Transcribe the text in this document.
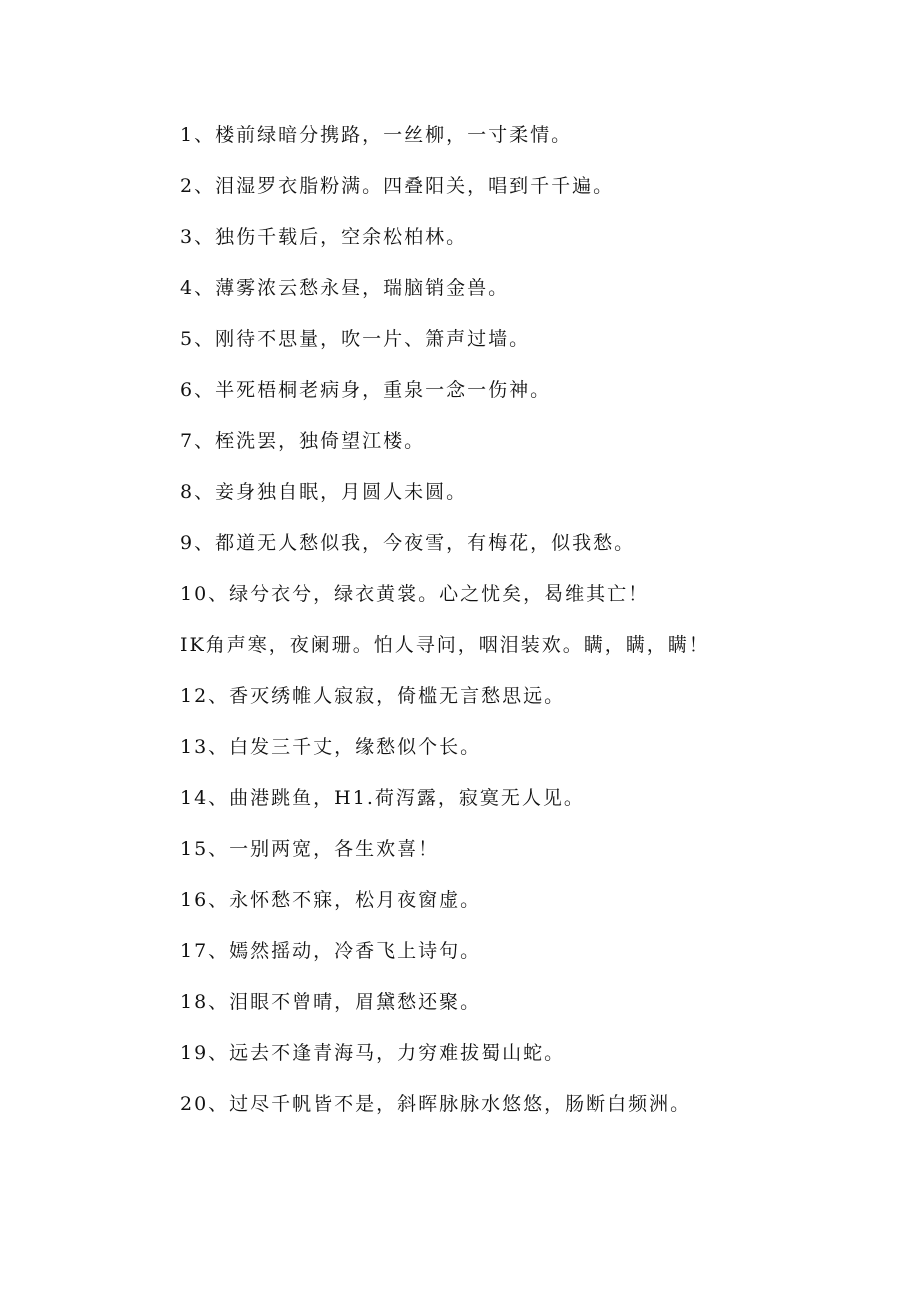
1、楼前绿暗分携路，一丝柳，一寸柔情。
2、泪湿罗衣脂粉满。四叠阳关，唱到千千遍。
3、独伤千载后，空余松柏林。
4、薄雾浓云愁永昼，瑞脑销金兽。
5、刚待不思量，吹一片、箫声过墙。
6、半死梧桐老病身，重泉一念一伤神。
7、桎洗罢，独倚望江楼。
8、妾身独自眠，月圆人未圆。
9、都道无人愁似我，今夜雪，有梅花，似我愁。
10、绿兮衣兮，绿衣黄裳。心之忧矣，曷维其亡！
IK角声寒，夜阑珊。怕人寻问，咽泪装欢。瞒，瞒，瞒！
12、香灭绣帷人寂寂，倚槛无言愁思远。
13、白发三千丈，缘愁似个长。
14、曲港跳鱼，H1.荷泻露，寂寞无人见。
15、一别两宽，各生欢喜！
16、永怀愁不寐，松月夜窗虚。
17、嫣然摇动，冷香飞上诗句。
18、泪眼不曾晴，眉黛愁还聚。
19、远去不逢青海马，力穷难拔蜀山蛇。
20、过尽千帆皆不是，斜晖脉脉水悠悠，肠断白频洲。
